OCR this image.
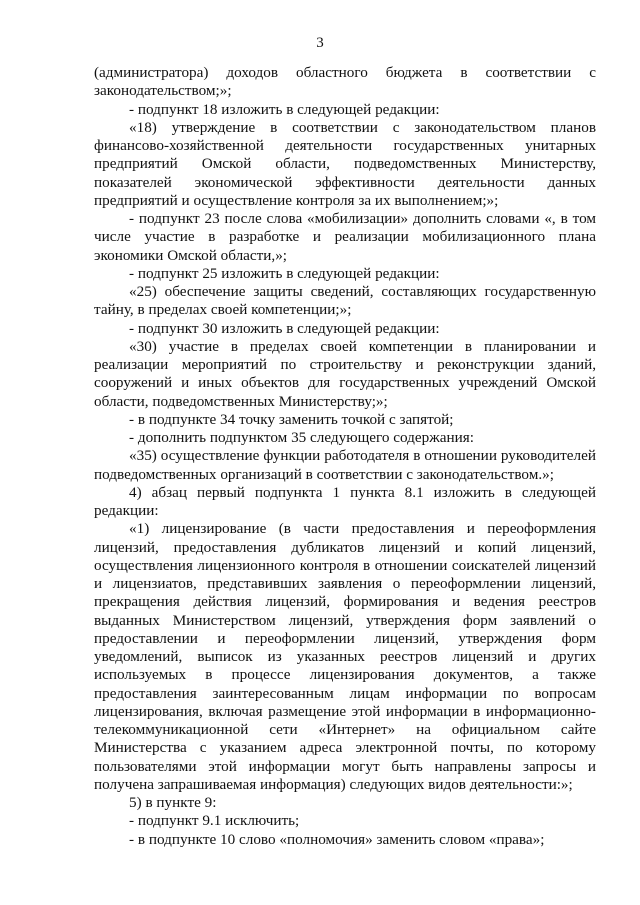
3

(администратора) доходов областного бюджета в соответствии с законодательством;»;

- подпункт 18 изложить в следующей редакции:

«18) утверждение в соответствии с законодательством планов финансово-хозяйственной деятельности государственных унитарных предприятий Омской области, подведомственных Министерству, показателей экономической эффективности деятельности данных предприятий и осуществление контроля за их выполнением;»;

- подпункт 23 после слова «мобилизации» дополнить словами «, в том числе участие в разработке и реализации мобилизационного плана экономики Омской области,»;

- подпункт 25 изложить в следующей редакции:

«25) обеспечение защиты сведений, составляющих государственную тайну, в пределах своей компетенции;»;

- подпункт 30 изложить в следующей редакции:

«30) участие в пределах своей компетенции в планировании и реализации мероприятий по строительству и реконструкции зданий, сооружений и иных объектов для государственных учреждений Омской области, подведомственных Министерству;»;

- в подпункте 34 точку заменить точкой с запятой;

- дополнить подпунктом 35 следующего содержания:

«35) осуществление функции работодателя в отношении руководителей подведомственных организаций в соответствии с законодательством.»;

4) абзац первый подпункта 1 пункта 8.1 изложить в следующей редакции:

«1) лицензирование (в части предоставления и переоформления лицензий, предоставления дубликатов лицензий и копий лицензий, осуществления лицензионного контроля в отношении соискателей лицензий и лицензиатов, представивших заявления о переоформлении лицензий, прекращения действия лицензий, формирования и ведения реестров выданных Министерством лицензий, утверждения форм заявлений о предоставлении и переоформлении лицензий, утверждения форм уведомлений, выписок из указанных реестров лицензий и других используемых в процессе лицензирования документов, а также предоставления заинтересованным лицам информации по вопросам лицензирования, включая размещение этой информации в информационно-телекоммуникационной сети «Интернет» на официальном сайте Министерства с указанием адреса электронной почты, по которому пользователями этой информации могут быть направлены запросы и получена запрашиваемая информация) следующих видов деятельности:»;

5) в пункте 9:

- подпункт 9.1 исключить;

- в подпункте 10 слово «полномочия» заменить словом «права»;
